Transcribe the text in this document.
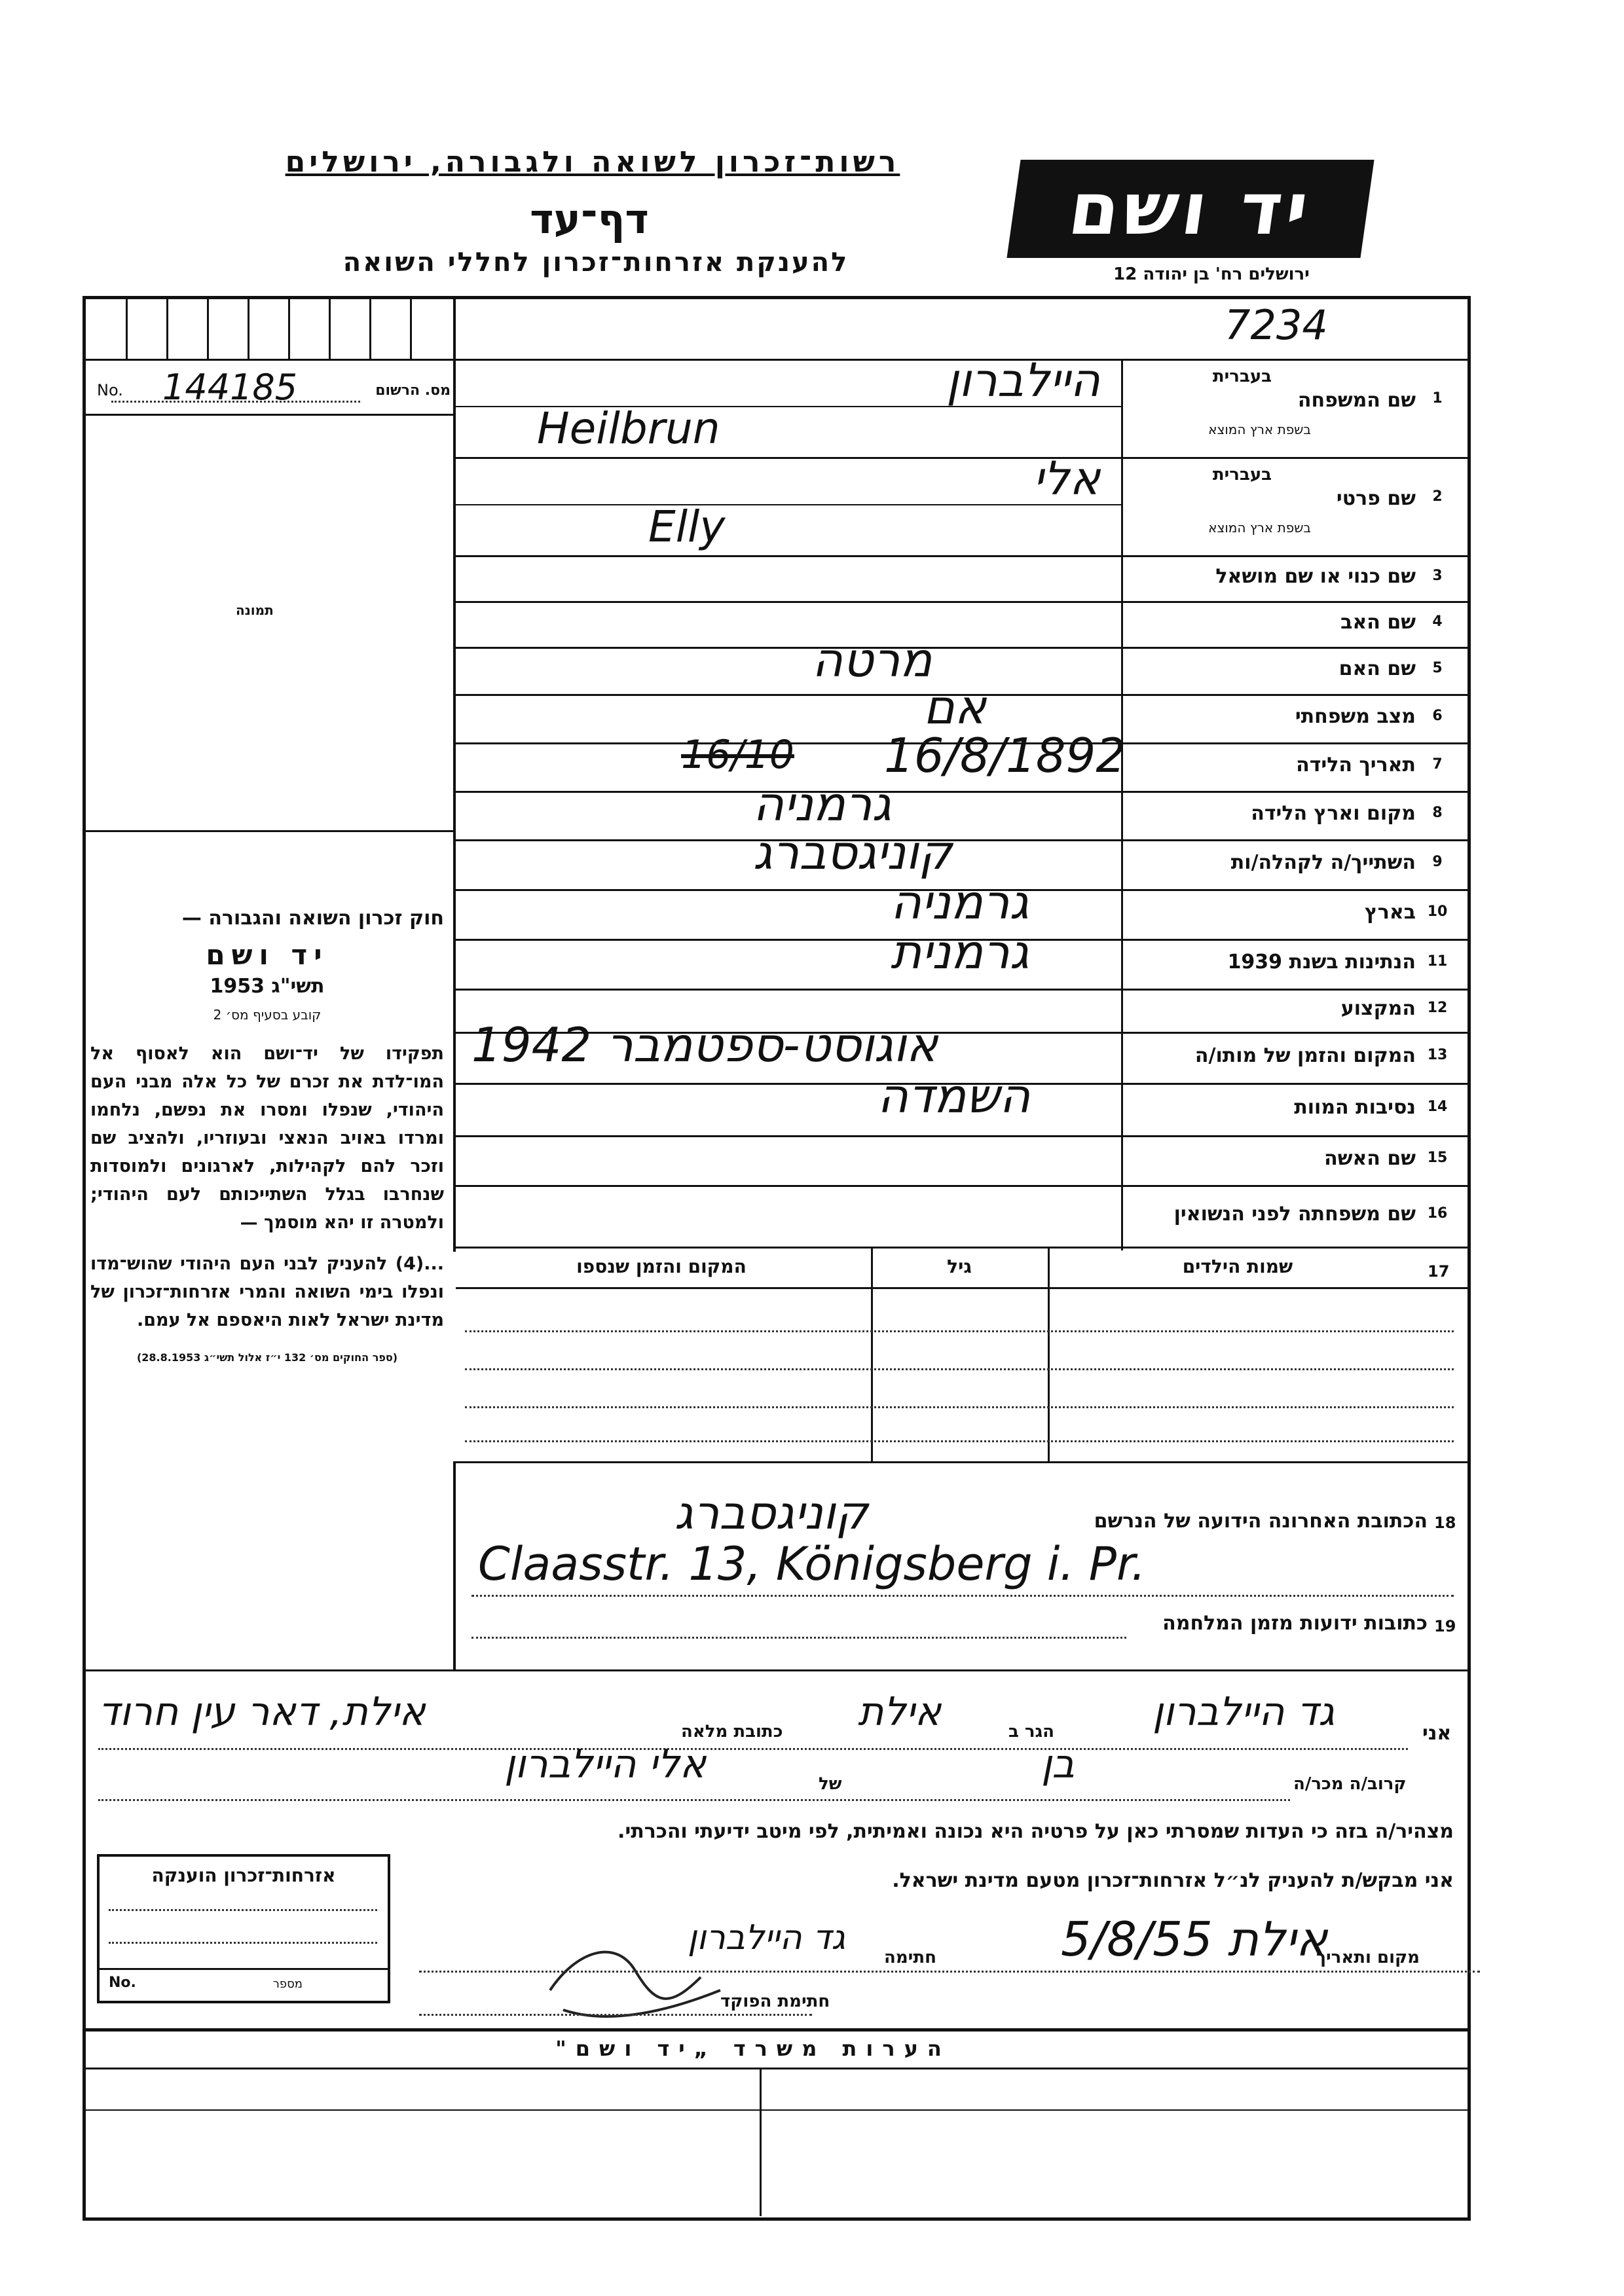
רשות־זכרון לשואה ולגבורה, ירושלים
דף־עד
להענקת אזרחות־זכרון לחללי השואה
יד ושם
ירושלים רח' בן יהודה 12
7234
No. 144185	מס. הרשום
תמונה
1
שם המשפחה
בעברית
בשפת ארץ המוצא
היילברון
Heilbrun
2
שם פרטי
בעברית
בשפת ארץ המוצא
אלי
Elly
3
שם כנוי או שם מושאל
4
שם האב
5
שם האם
מרטה
6
מצב משפחתי
אם
7
תאריך הלידה
16/8/1892
16/10
8
מקום וארץ הלידה
גרמניה
9
השתייך/ה לקהלה/ות
קוניגסברג
10
בארץ
גרמניה
11
הנתינות בשנת 1939
גרמנית
12
המקצוע
13
המקום והזמן של מותו/ה
אוגוסט-ספטמבר 1942
14
נסיבות המוות
השמדה
15
שם האשה
16
שם משפחתה לפני הנשואין
חוק זכרון השואה והגבורה —
יד ושם
תשי"ג 1953
קובע בסעיף מס׳ 2
תפקידו של יד־ושם הוא לאסוף אל המו־לדת את זכרם של כל אלה מבני העם היהודי, שנפלו ומסרו את נפשם, נלחמו ומרדו באויב הנאצי ובעוזריו, ולהציב שם וזכר להם לקהילות, לארגונים ולמוסדות שנחרבו בגלל השתייכותם לעם היהודי; ולמטרה זו יהא מוסמך —
...(4) להעניק לבני העם היהודי שהוש־מדו ונפלו בימי השואה והמרי אזרחות־זכרון של מדינת ישראל לאות היאספם אל עמם.
(ספר החוקים מס׳ 132 י״ז אלול תשי״ג 28.8.1953)
17
שמות הילדים
גיל
המקום והזמן שנספו
18
הכתובת האחרונה הידועה של הנרשם
קוניגסברג
Claasstr. 13, Königsberg i. Pr.
19
כתובות ידועות מזמן המלחמה
אני
גד היילברון
הגר ב
אילת
כתובת מלאה
אילת, דאר עין חרוד
קרוב/ה מכר/ה
בן
של
אלי היילברון
מצהיר/ה בזה כי העדות שמסרתי כאן על פרטיה היא נכונה ואמיתית, לפי מיטב ידיעתי והכרתי.
אני מבקש/ת להעניק לנ״ל אזרחות־זכרון מטעם מדינת ישראל.
מקום ותאריך
אילת 5/8/55
חתימה
גד היילברון
חתימת הפוקד
אזרחות־זכרון הוענקה
No.	מספר
הערות משרד „יד ושם"
